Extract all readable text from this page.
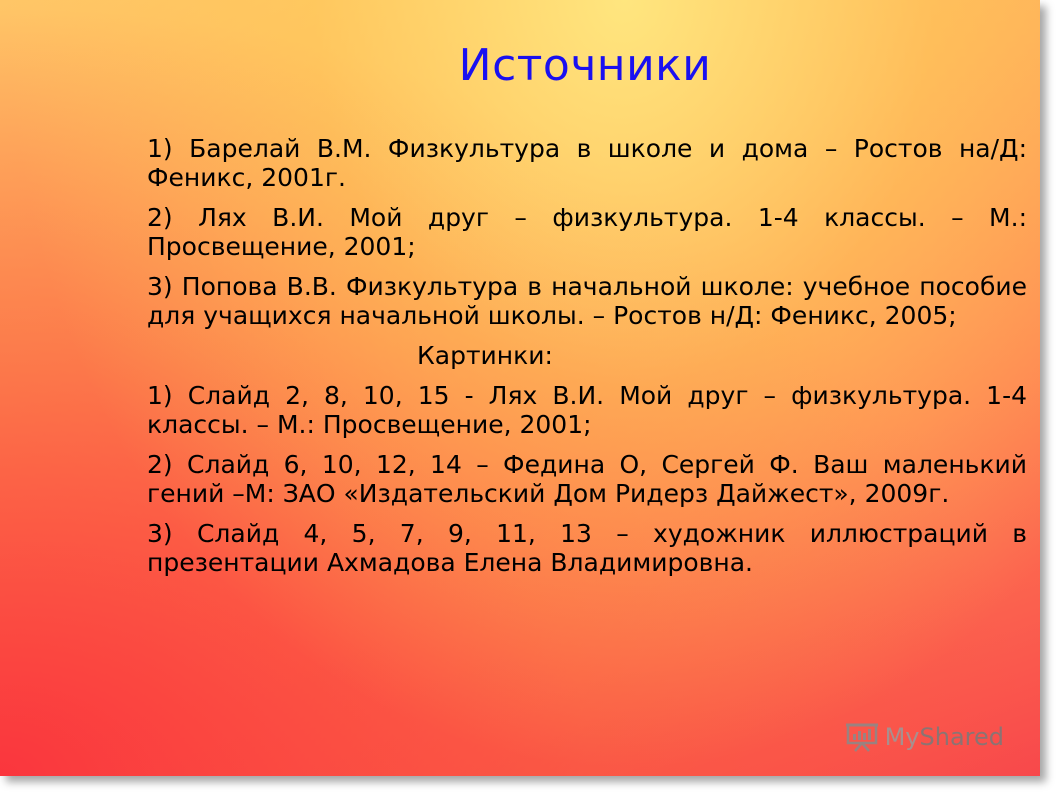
Источники

1) Барелай В.М. Физкультура в школе и дома – Ростов на/Д: Феникс, 2001г.

2) Лях В.И. Мой друг – физкультура. 1-4 классы. – М.: Просвещение, 2001;

3) Попова В.В. Физкультура в начальной школе: учебное пособие для учащихся начальной школы. – Ростов н/Д: Феникс, 2005;

Картинки:

1) Слайд 2, 8, 10, 15 - Лях В.И. Мой друг – физкультура. 1-4 классы. – М.: Просвещение, 2001;

2) Слайд 6, 10, 12, 14 – Федина О, Сергей Ф. Ваш маленький гений –М: ЗАО «Издательский Дом Ридерз Дайжест», 2009г.

3) Слайд 4, 5, 7, 9, 11, 13 – художник иллюстраций в презентации Ахмадова Елена Владимировна.

My Shared
